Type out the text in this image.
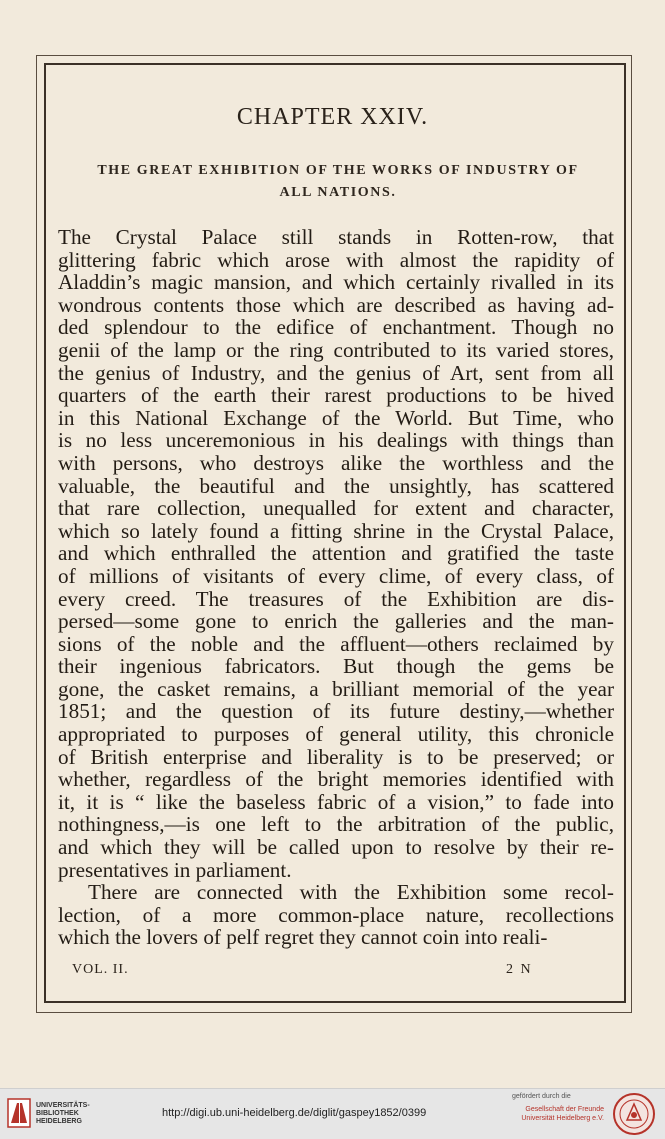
CHAPTER XXIV.
THE GREAT EXHIBITION OF THE WORKS OF INDUSTRY OF
ALL NATIONS.
The Crystal Palace still stands in Rotten-row, that
glittering fabric which arose with almost the rapidity of
Aladdin’s magic mansion, and which certainly rivalled in its
wondrous contents those which are described as having ad-
ded splendour to the edifice of enchantment. Though no
genii of the lamp or the ring contributed to its varied stores,
the genius of Industry, and the genius of Art, sent from all
quarters of the earth their rarest productions to be hived
in this National Exchange of the World. But Time, who
is no less unceremonious in his dealings with things than
with persons, who destroys alike the worthless and the
valuable, the beautiful and the unsightly, has scattered
that rare collection, unequalled for extent and character,
which so lately found a fitting shrine in the Crystal Palace,
and which enthralled the attention and gratified the taste
of millions of visitants of every clime, of every class, of
every creed. The treasures of the Exhibition are dis-
persed—some gone to enrich the galleries and the man-
sions of the noble and the affluent—others reclaimed by
their ingenious fabricators. But though the gems be
gone, the casket remains, a brilliant memorial of the year
1851; and the question of its future destiny,—whether
appropriated to purposes of general utility, this chronicle
of British enterprise and liberality is to be preserved; or
whether, regardless of the bright memories identified with
it, it is “ like the baseless fabric of a vision,” to fade into
nothingness,—is one left to the arbitration of the public,
and which they will be called upon to resolve by their re-
presentatives in parliament.
There are connected with the Exhibition some recol-
lection, of a more common-place nature, recollections
which the lovers of pelf regret they cannot coin into reali-
VOL. II.	2 N
UNIVERSITÄTS-
BIBLIOTHEK
HEIDELBERG
http://digi.ub.uni-heidelberg.de/diglit/gaspey1852/0399
gefördert durch die
Gesellschaft der Freunde
Universität Heidelberg e.V.
